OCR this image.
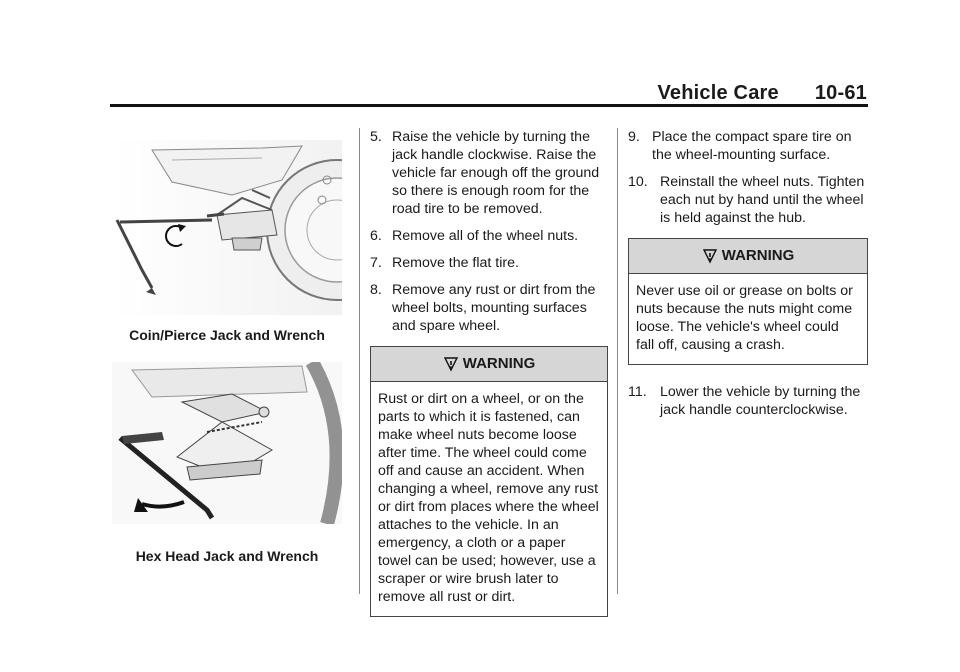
Vehicle Care 10-61
Coin/Pierce Jack and Wrench
Hex Head Jack and Wrench
5. Raise the vehicle by turning the jack handle clockwise. Raise the vehicle far enough off the ground so there is enough room for the road tire to be removed.
6. Remove all of the wheel nuts.
7. Remove the flat tire.
8. Remove any rust or dirt from the wheel bolts, mounting surfaces and spare wheel.
WARNING
Rust or dirt on a wheel, or on the parts to which it is fastened, can make wheel nuts become loose after time. The wheel could come off and cause an accident. When changing a wheel, remove any rust or dirt from places where the wheel attaches to the vehicle. In an emergency, a cloth or a paper towel can be used; however, use a scraper or wire brush later to remove all rust or dirt.
9. Place the compact spare tire on the wheel-mounting surface.
10. Reinstall the wheel nuts. Tighten each nut by hand until the wheel is held against the hub.
WARNING
Never use oil or grease on bolts or nuts because the nuts might come loose. The vehicle's wheel could fall off, causing a crash.
11. Lower the vehicle by turning the jack handle counterclockwise.
